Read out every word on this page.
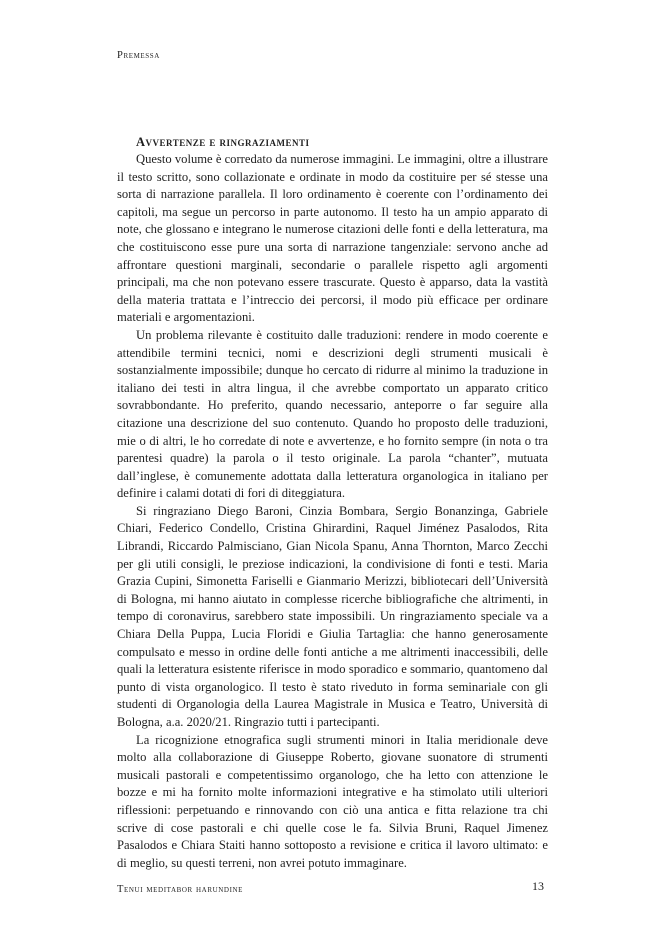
Premessa
Avvertenze e ringraziamenti

Questo volume è corredato da numerose immagini. Le immagini, oltre a illustrare il testo scritto, sono collazionate e ordinate in modo da costituire per sé stesse una sorta di narrazione parallela. Il loro ordinamento è coerente con l’ordinamento dei capitoli, ma segue un percorso in parte autonomo. Il testo ha un ampio apparato di note, che glossano e integrano le numerose citazioni delle fonti e della letteratura, ma che costituiscono esse pure una sorta di narrazione tangenziale: servono anche ad affrontare questioni marginali, secondarie o parallele rispetto agli argomenti principali, ma che non potevano essere trascurate. Questo è apparso, data la vastità della materia trattata e l’intreccio dei percorsi, il modo più efficace per ordinare materiali e argomentazioni.

Un problema rilevante è costituito dalle traduzioni: rendere in modo coerente e attendibile termini tecnici, nomi e descrizioni degli strumenti musicali è sostanzialmente impossibile; dunque ho cercato di ridurre al minimo la traduzione in italiano dei testi in altra lingua, il che avrebbe comportato un apparato critico sovrabbondante. Ho preferito, quando necessario, anteporre o far seguire alla citazione una descrizione del suo contenuto. Quando ho proposto delle traduzioni, mie o di altri, le ho corredate di note e avvertenze, e ho fornito sempre (in nota o tra parentesi quadre) la parola o il testo originale. La parola “chanter”, mutuata dall’inglese, è comunemente adottata dalla letteratura organologica in italiano per definire i calami dotati di fori di diteggiatura.

Si ringraziano Diego Baroni, Cinzia Bombara, Sergio Bonanzinga, Gabriele Chiari, Federico Condello, Cristina Ghirardini, Raquel Jiménez Pasalodos, Rita Librandi, Riccardo Palmisciano, Gian Nicola Spanu, Anna Thornton, Marco Zecchi per gli utili consigli, le preziose indicazioni, la condivisione di fonti e testi. Maria Grazia Cupini, Simonetta Fariselli e Gianmario Merizzi, bibliotecari dell’Università di Bologna, mi hanno aiutato in complesse ricerche bibliografiche che altrimenti, in tempo di coronavirus, sarebbero state impossibili. Un ringraziamento speciale va a Chiara Della Puppa, Lucia Floridi e Giulia Tartaglia: che hanno generosamente compulsato e messo in ordine delle fonti antiche a me altrimenti inaccessibili, delle quali la letteratura esistente riferisce in modo sporadico e sommario, quantomeno dal punto di vista organologico. Il testo è stato riveduto in forma seminariale con gli studenti di Organologia della Laurea Magistrale in Musica e Teatro, Università di Bologna, a.a. 2020/21. Ringrazio tutti i partecipanti.

La ricognizione etnografica sugli strumenti minori in Italia meridionale deve molto alla collaborazione di Giuseppe Roberto, giovane suonatore di strumenti musicali pastorali e competentissimo organologo, che ha letto con attenzione le bozze e mi ha fornito molte informazioni integrative e ha stimolato utili ulteriori riflessioni: perpetuando e rinnovando con ciò una antica e fitta relazione tra chi scrive di cose pastorali e chi quelle cose le fa. Silvia Bruni, Raquel Jimenez Pasalodos e Chiara Staiti hanno sottoposto a revisione e critica il lavoro ultimato: e di meglio, su questi terreni, non avrei potuto immaginare.

Tenui meditabor harundine	13
